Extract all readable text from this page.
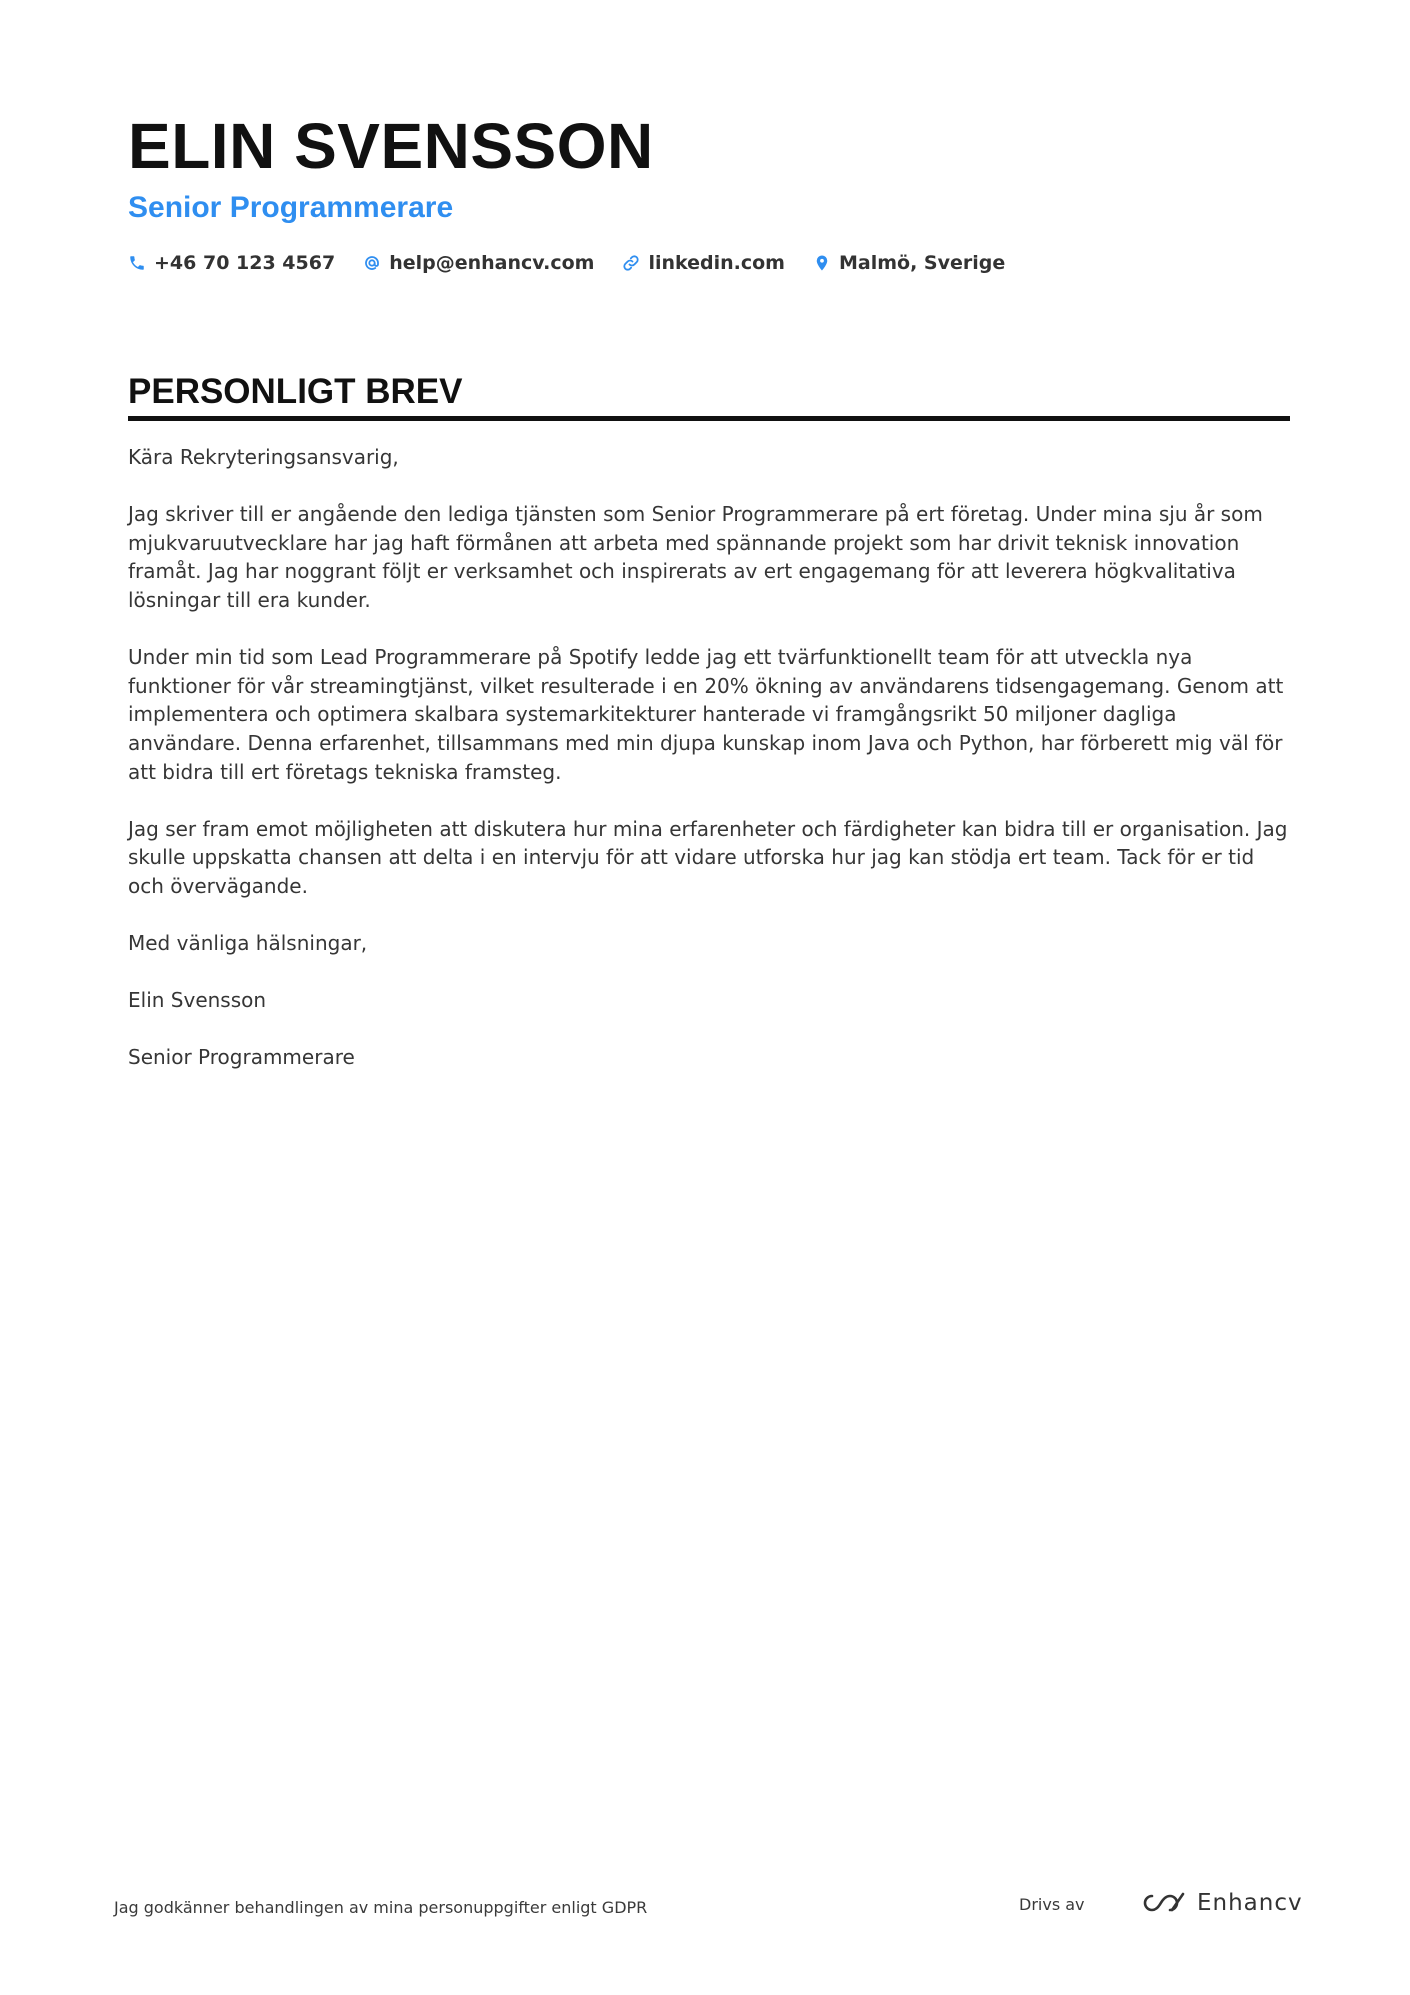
ELIN SVENSSON
Senior Programmerare
+46 70 123 4567	help@enhancv.com	linkedin.com	Malmö, Sverige
PERSONLIGT BREV

Kära Rekryteringsansvarig,

Jag skriver till er angående den lediga tjänsten som Senior Programmerare på ert företag. Under mina sju år som mjukvaruutvecklare har jag haft förmånen att arbeta med spännande projekt som har drivit teknisk innovation framåt. Jag har noggrant följt er verksamhet och inspirerats av ert engagemang för att leverera högkvalitativa lösningar till era kunder.

Under min tid som Lead Programmerare på Spotify ledde jag ett tvärfunktionellt team för att utveckla nya funktioner för vår streamingtjänst, vilket resulterade i en 20% ökning av användarens tidsengagemang. Genom att implementera och optimera skalbara systemarkitekturer hanterade vi framgångsrikt 50 miljoner dagliga användare. Denna erfarenhet, tillsammans med min djupa kunskap inom Java och Python, har förberett mig väl för att bidra till ert företags tekniska framsteg.

Jag ser fram emot möjligheten att diskutera hur mina erfarenheter och färdigheter kan bidra till er organisation. Jag skulle uppskatta chansen att delta i en intervju för att vidare utforska hur jag kan stödja ert team. Tack för er tid och övervägande.

Med vänliga hälsningar,

Elin Svensson

Senior Programmerare

Jag godkänner behandlingen av mina personuppgifter enligt GDPR	Drivs av	Enhancv
